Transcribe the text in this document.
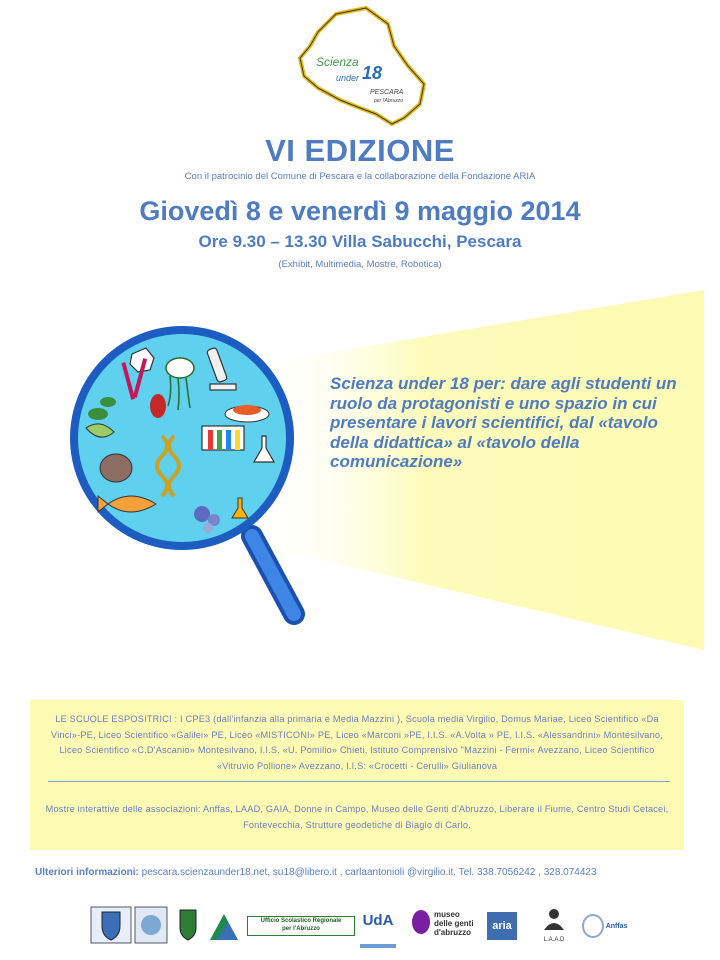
Scienza
under 18
PESCARA
per l'Abruzzo
VI EDIZIONE
Con il patrocinio del Comune di Pescara e la collaborazione della Fondazione ARIA
Giovedì 8 e venerdì 9 maggio 2014
Ore 9.30 – 13.30 Villa Sabucchi, Pescara
(Exhibit, Multimedia, Mostre, Robotica)
Scienza under 18 per: dare agli studenti un ruolo da protagonisti e uno spazio in cui presentare i lavori scientifici, dal «tavolo della didattica» al «tavolo della comunicazione»
LE SCUOLE ESPOSITRICI : I CPE3 (dall'infanzia alla primaria e Media Mazzini ), Scuola media Virgilio, Domus Mariae, Liceo Scientifico «Da Vinci»-PE, Liceo Scientifico «Galilei» PE, Liceo «MISTICONI» PE, Liceo «Marconi »PE, I.I.S. «A.Volta » PE, I.I.S. «Alessandrini» Montesilvano, Liceo Scientifico «C.D'Ascanio» Montesilvano, I.I.S. «U. Pomilio» Chieti, Istituto Comprensivo "Mazzini - Fermi« Avezzano, Liceo Scientifico «Vitruvio Pollione» Avezzano, I.I.S: «Crocetti - Cerulli» Giulianova
Mostre interattive delle associazioni: Anffas, LAAD, GAIA, Donne in Campo, Museo delle Genti d'Abruzzo, Liberare il Fiume, Centro Studi Cetacei, Fontevecchia, Strutture geodetiche di Biagio di Carlo.
Ulteriori informazioni: pescara.scienzaunder18.net, su18@libero.it , carlaantonioli @virgilio.it, Tel. 338.7056242 , 328.074423
Ufficio Scolastico Regionale
per l'Abruzzo	UdA	museo
delle genti
d'abruzzo
aria
L.A.A.D
Anffas
